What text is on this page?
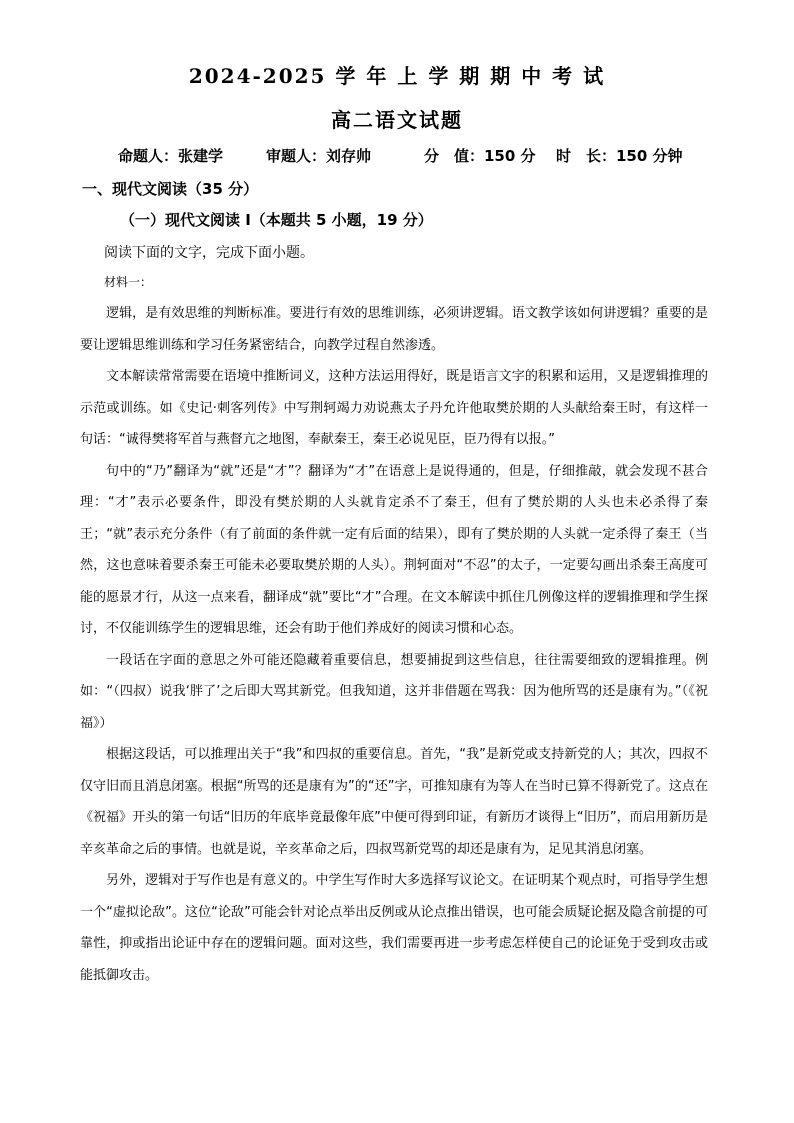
2024-2025 学 年 上 学 期 期 中 考 试
高二语文试题
命题人：张建学	审题人：刘存帅	分　值：150 分 时　长：150 分钟
一、现代文阅读（35 分）
（一）现代文阅读 I（本题共 5 小题，19 分）
阅读下面的文字，完成下面小题。
材料一：

逻辑，是有效思维的判断标准。要进行有效的思维训练，必须讲逻辑。语文教学该如何讲逻辑？重要的是要让逻辑思维训练和学习任务紧密结合，向教学过程自然渗透。

文本解读常常需要在语境中推断词义，这种方法运用得好，既是语言文字的积累和运用，又是逻辑推理的示范或训练。如《史记·刺客列传》中写荆轲竭力劝说燕太子丹允许他取樊於期的人头献给秦王时，有这样一句话：“诚得樊将军首与燕督亢之地图，奉献秦王，秦王必说见臣，臣乃得有以报。”

句中的“乃”翻译为“就”还是“才”？翻译为“才”在语意上是说得通的，但是，仔细推敲，就会发现不甚合理：“才”表示必要条件，即没有樊於期的人头就肯定杀不了秦王，但有了樊於期的人头也未必杀得了秦王；“就”表示充分条件（有了前面的条件就一定有后面的结果），即有了樊於期的人头就一定杀得了秦王（当然，这也意味着要杀秦王可能未必要取樊於期的人头）。荆轲面对“不忍”的太子，一定要勾画出杀秦王高度可能的愿景才行，从这一点来看，翻译成“就”要比“才”合理。在文本解读中抓住几例像这样的逻辑推理和学生探讨，不仅能训练学生的逻辑思维，还会有助于他们养成好的阅读习惯和心态。

一段话在字面的意思之外可能还隐藏着重要信息，想要捕捉到这些信息，往往需要细致的逻辑推理。例如：“（四叔）说我‘胖了’之后即大骂其新党。但我知道，这并非借题在骂我：因为他所骂的还是康有为。”（《祝福》）

根据这段话，可以推理出关于“我”和四叔的重要信息。首先，“我”是新党或支持新党的人；其次，四叔不仅守旧而且消息闭塞。根据“所骂的还是康有为”的“还”字，可推知康有为等人在当时已算不得新党了。这点在《祝福》开头的第一句话“旧历的年底毕竟最像年底”中便可得到印证，有新历才谈得上“旧历”，而启用新历是辛亥革命之后的事情。也就是说，辛亥革命之后，四叔骂新党骂的却还是康有为，足见其消息闭塞。

另外，逻辑对于写作也是有意义的。中学生写作时大多选择写议论文。在证明某个观点时，可指导学生想一个“虚拟论敌”。这位“论敌”可能会针对论点举出反例或从论点推出错误，也可能会质疑论据及隐含前提的可靠性，抑或指出论证中存在的逻辑问题。面对这些，我们需要再进一步考虑怎样使自己的论证免于受到攻击或能抵御攻击。
